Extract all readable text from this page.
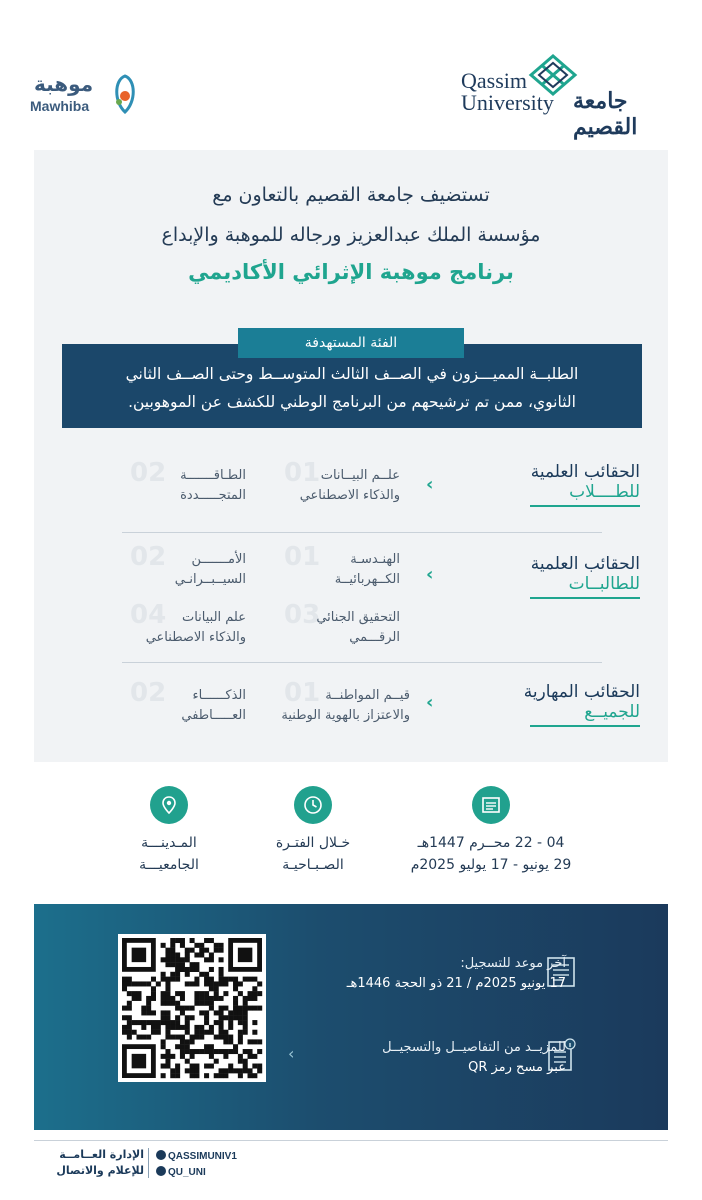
موهبة
Mawhiba
Qassim
University جامعة القصيم
تستضيف جامعة القصيم بالتعاون مع
مؤسسة الملك عبدالعزيز ورجاله للموهبة والإبداع
برنامج موهبة الإثرائي الأكاديمي
الفئة المستهدفة
الطلبــة المميـــزون في الصــف الثالث المتوســط وحتى الصــف الثاني
الثانوي، ممن تم ترشيحهم من البرنامج الوطني للكشف عن الموهوبين.
الحقائب العلمية
للطــــلاب
‹
01 علــم البيــانات
والذكاء الاصطناعي
02	الطـاقـــــــة
المتجـــــددة
الحقائب العلمية
للطالبــات
‹
01	الهنـدسـة
الكــهربائيــة
02	الأمـــــــن
السيــبــرانـي
03
التحقيق الجنائي
الرقـــمي
04	علم البيانات
والذكاء الاصطناعي
الحقائب المهارية
للجميــع
‹
01 قيــم المواطنــة
والاعتزاز بالهوية الوطنية
02	الذكــــــاء
العـــــاطفي
04 - 22 محــرم 1447هـ
29 يونيو - 17 يوليو 2025م
خـلال الفتـرة
الصـبـاحيـة
المـدينـــة
الجامعيـــة
آخر موعد للتسجيل:
17 يونيو 2025م / 21 ذو الحجة 1446هـ
للمزيــد من التفاصيــل والتسجيــل
عبر مسح رمز QR
‹
الإدارة العــامــة
للإعلام والاتصال
QASSIMUNIV1
QU_UNI
